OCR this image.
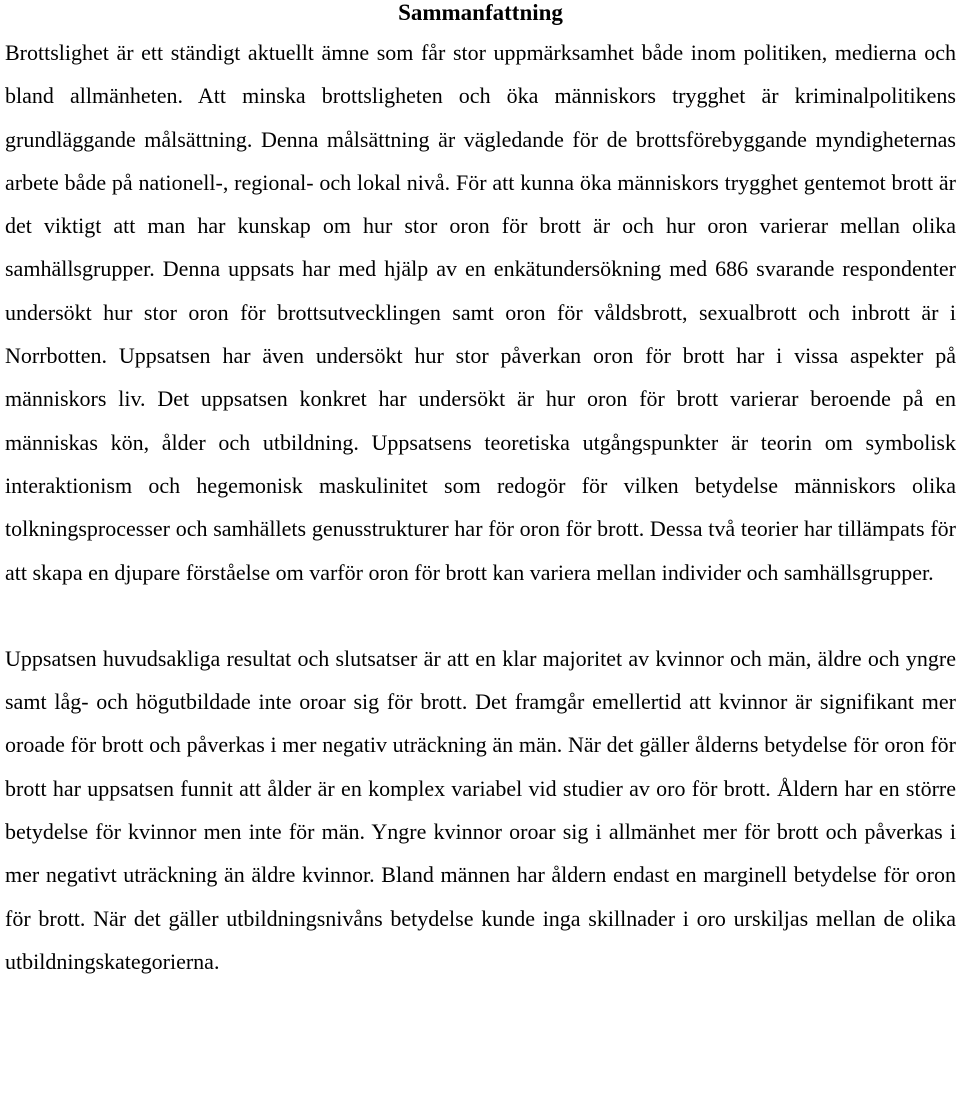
Sammanfattning

Brottslighet är ett ständigt aktuellt ämne som får stor uppmärksamhet både inom politiken, medierna och bland allmänheten. Att minska brottsligheten och öka människors trygghet är kriminalpolitikens grundläggande målsättning. Denna målsättning är vägledande för de brottsförebyggande myndigheternas arbete både på nationell-, regional- och lokal nivå. För att kunna öka människors trygghet gentemot brott är det viktigt att man har kunskap om hur stor oron för brott är och hur oron varierar mellan olika samhällsgrupper. Denna uppsats har med hjälp av en enkätundersökning med 686 svarande respondenter undersökt hur stor oron för brottsutvecklingen samt oron för våldsbrott, sexualbrott och inbrott är i Norrbotten. Uppsatsen har även undersökt hur stor påverkan oron för brott har i vissa aspekter på människors liv. Det uppsatsen konkret har undersökt är hur oron för brott varierar beroende på en människas kön, ålder och utbildning. Uppsatsens teoretiska utgångspunkter är teorin om symbolisk interaktionism och hegemonisk maskulinitet som redogör för vilken betydelse människors olika tolkningsprocesser och samhällets genusstrukturer har för oron för brott. Dessa två teorier har tillämpats för att skapa en djupare förståelse om varför oron för brott kan variera mellan individer och samhällsgrupper.

Uppsatsen huvudsakliga resultat och slutsatser är att en klar majoritet av kvinnor och män, äldre och yngre samt låg- och högutbildade inte oroar sig för brott. Det framgår emellertid att kvinnor är signifikant mer oroade för brott och påverkas i mer negativ uträckning än män. När det gäller ålderns betydelse för oron för brott har uppsatsen funnit att ålder är en komplex variabel vid studier av oro för brott. Åldern har en större betydelse för kvinnor men inte för män. Yngre kvinnor oroar sig i allmänhet mer för brott och påverkas i mer negativt uträckning än äldre kvinnor. Bland männen har åldern endast en marginell betydelse för oron för brott. När det gäller utbildningsnivåns betydelse kunde inga skillnader i oro urskiljas mellan de olika utbildningskategorierna.
